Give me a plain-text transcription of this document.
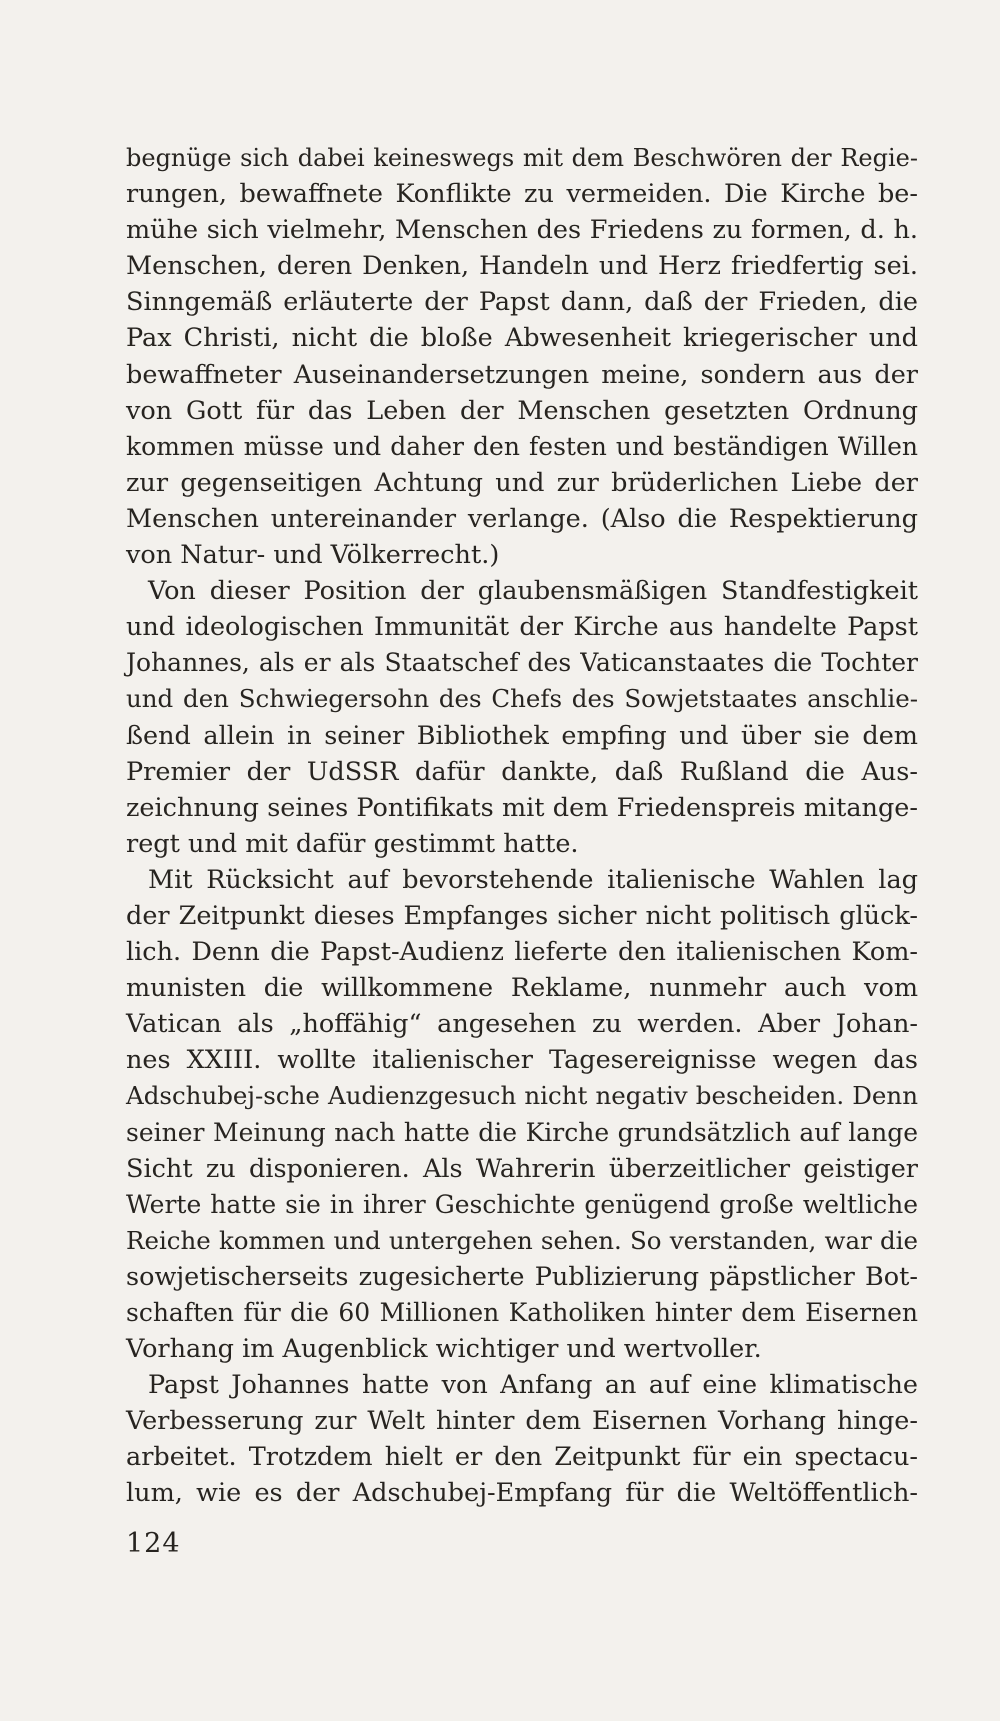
begnüge sich dabei keineswegs mit dem Beschwören der Regie-
rungen, bewaffnete Konflikte zu vermeiden. Die Kirche be-
mühe sich vielmehr, Menschen des Friedens zu formen, d. h.
Menschen, deren Denken, Handeln und Herz friedfertig sei.
Sinngemäß erläuterte der Papst dann, daß der Frieden, die
Pax Christi, nicht die bloße Abwesenheit kriegerischer und
bewaffneter Auseinandersetzungen meine, sondern aus der
von Gott für das Leben der Menschen gesetzten Ordnung
kommen müsse und daher den festen und beständigen Willen
zur gegenseitigen Achtung und zur brüderlichen Liebe der
Menschen untereinander verlange. (Also die Respektierung
von Natur- und Völkerrecht.)
Von dieser Position der glaubensmäßigen Standfestigkeit
und ideologischen Immunität der Kirche aus handelte Papst
Johannes, als er als Staatschef des Vaticanstaates die Tochter
und den Schwiegersohn des Chefs des Sowjetstaates anschlie-
ßend allein in seiner Bibliothek empfing und über sie dem
Premier der UdSSR dafür dankte, daß Rußland die Aus-
zeichnung seines Pontifikats mit dem Friedenspreis mitange-
regt und mit dafür gestimmt hatte.
Mit Rücksicht auf bevorstehende italienische Wahlen lag
der Zeitpunkt dieses Empfanges sicher nicht politisch glück-
lich. Denn die Papst-Audienz lieferte den italienischen Kom-
munisten die willkommene Reklame, nunmehr auch vom
Vatican als „hoffähig“ angesehen zu werden. Aber Johan-
nes XXIII. wollte italienischer Tagesereignisse wegen das
Adschubej-sche Audienzgesuch nicht negativ bescheiden. Denn
seiner Meinung nach hatte die Kirche grundsätzlich auf lange
Sicht zu disponieren. Als Wahrerin überzeitlicher geistiger
Werte hatte sie in ihrer Geschichte genügend große weltliche
Reiche kommen und untergehen sehen. So verstanden, war die
sowjetischerseits zugesicherte Publizierung päpstlicher Bot-
schaften für die 60 Millionen Katholiken hinter dem Eisernen
Vorhang im Augenblick wichtiger und wertvoller.
Papst Johannes hatte von Anfang an auf eine klimatische
Verbesserung zur Welt hinter dem Eisernen Vorhang hinge-
arbeitet. Trotzdem hielt er den Zeitpunkt für ein spectacu-
lum, wie es der Adschubej-Empfang für die Weltöffentlich-
124
